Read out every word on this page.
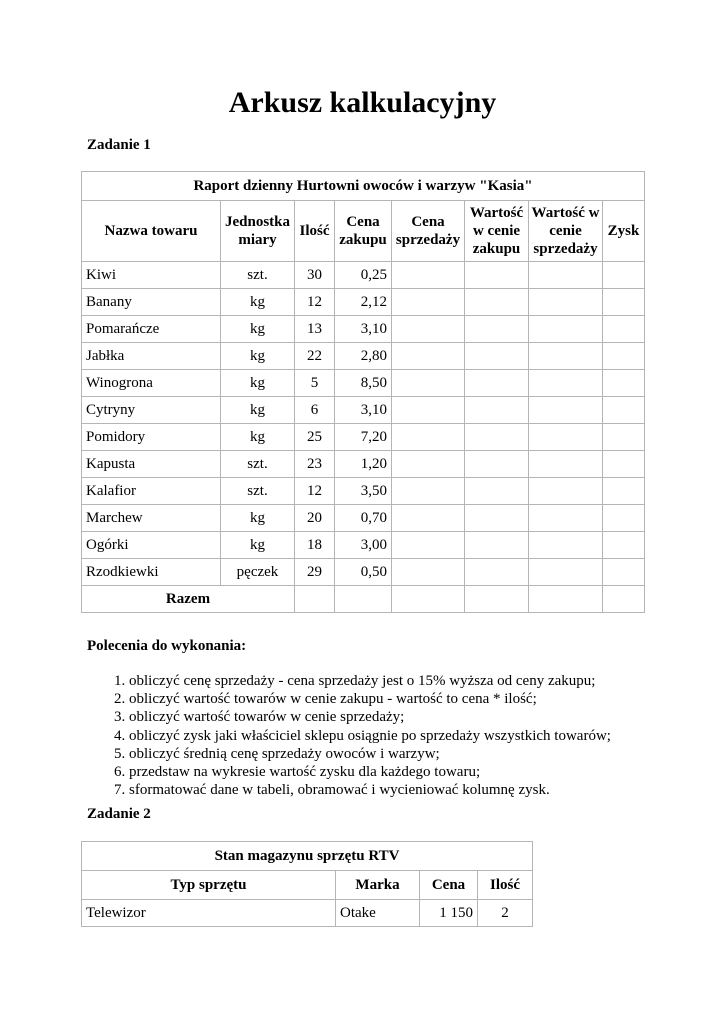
Arkusz kalkulacyjny
Zadanie 1
Raport dzienny Hurtowni owoców i warzyw "Kasia"							
Nazwa towaru	Jednostka miary	Ilość	Cena zakupu	Cena sprzedaży	Wartość w cenie zakupu	Wartość w cenie sprzedaży	Zysk
Kiwi	szt.	30	0,25				
Banany	kg	12	2,12				
Pomarańcze	kg	13	3,10				
Jabłka	kg	22	2,80				
Winogrona	kg	5	8,50				
Cytryny	kg	6	3,10				
Pomidory	kg	25	7,20				
Kapusta	szt.	23	1,20				
Kalafior	szt.	12	3,50				
Marchew	kg	20	0,70				
Ogórki	kg	18	3,00				
Rzodkiewki	pęczek	29	0,50				
Razem							
Polecenia do wykonania:
1. obliczyć cenę sprzedaży - cena sprzedaży jest o 15% wyższa od ceny zakupu;
2. obliczyć wartość towarów w cenie zakupu - wartość to cena * ilość;
3. obliczyć wartość towarów w cenie sprzedaży;
4. obliczyć zysk jaki właściciel sklepu osiągnie po sprzedaży wszystkich towarów;
5. obliczyć średnią cenę sprzedaży owoców i warzyw;
6. przedstaw na wykresie wartość zysku dla każdego towaru;
7. sformatować dane w tabeli, obramować i wycieniować kolumnę zysk.
Zadanie 2
Stan magazynu sprzętu RTV			
Typ sprzętu	Marka	Cena	Ilość
Telewizor	Otake	1 150	2
